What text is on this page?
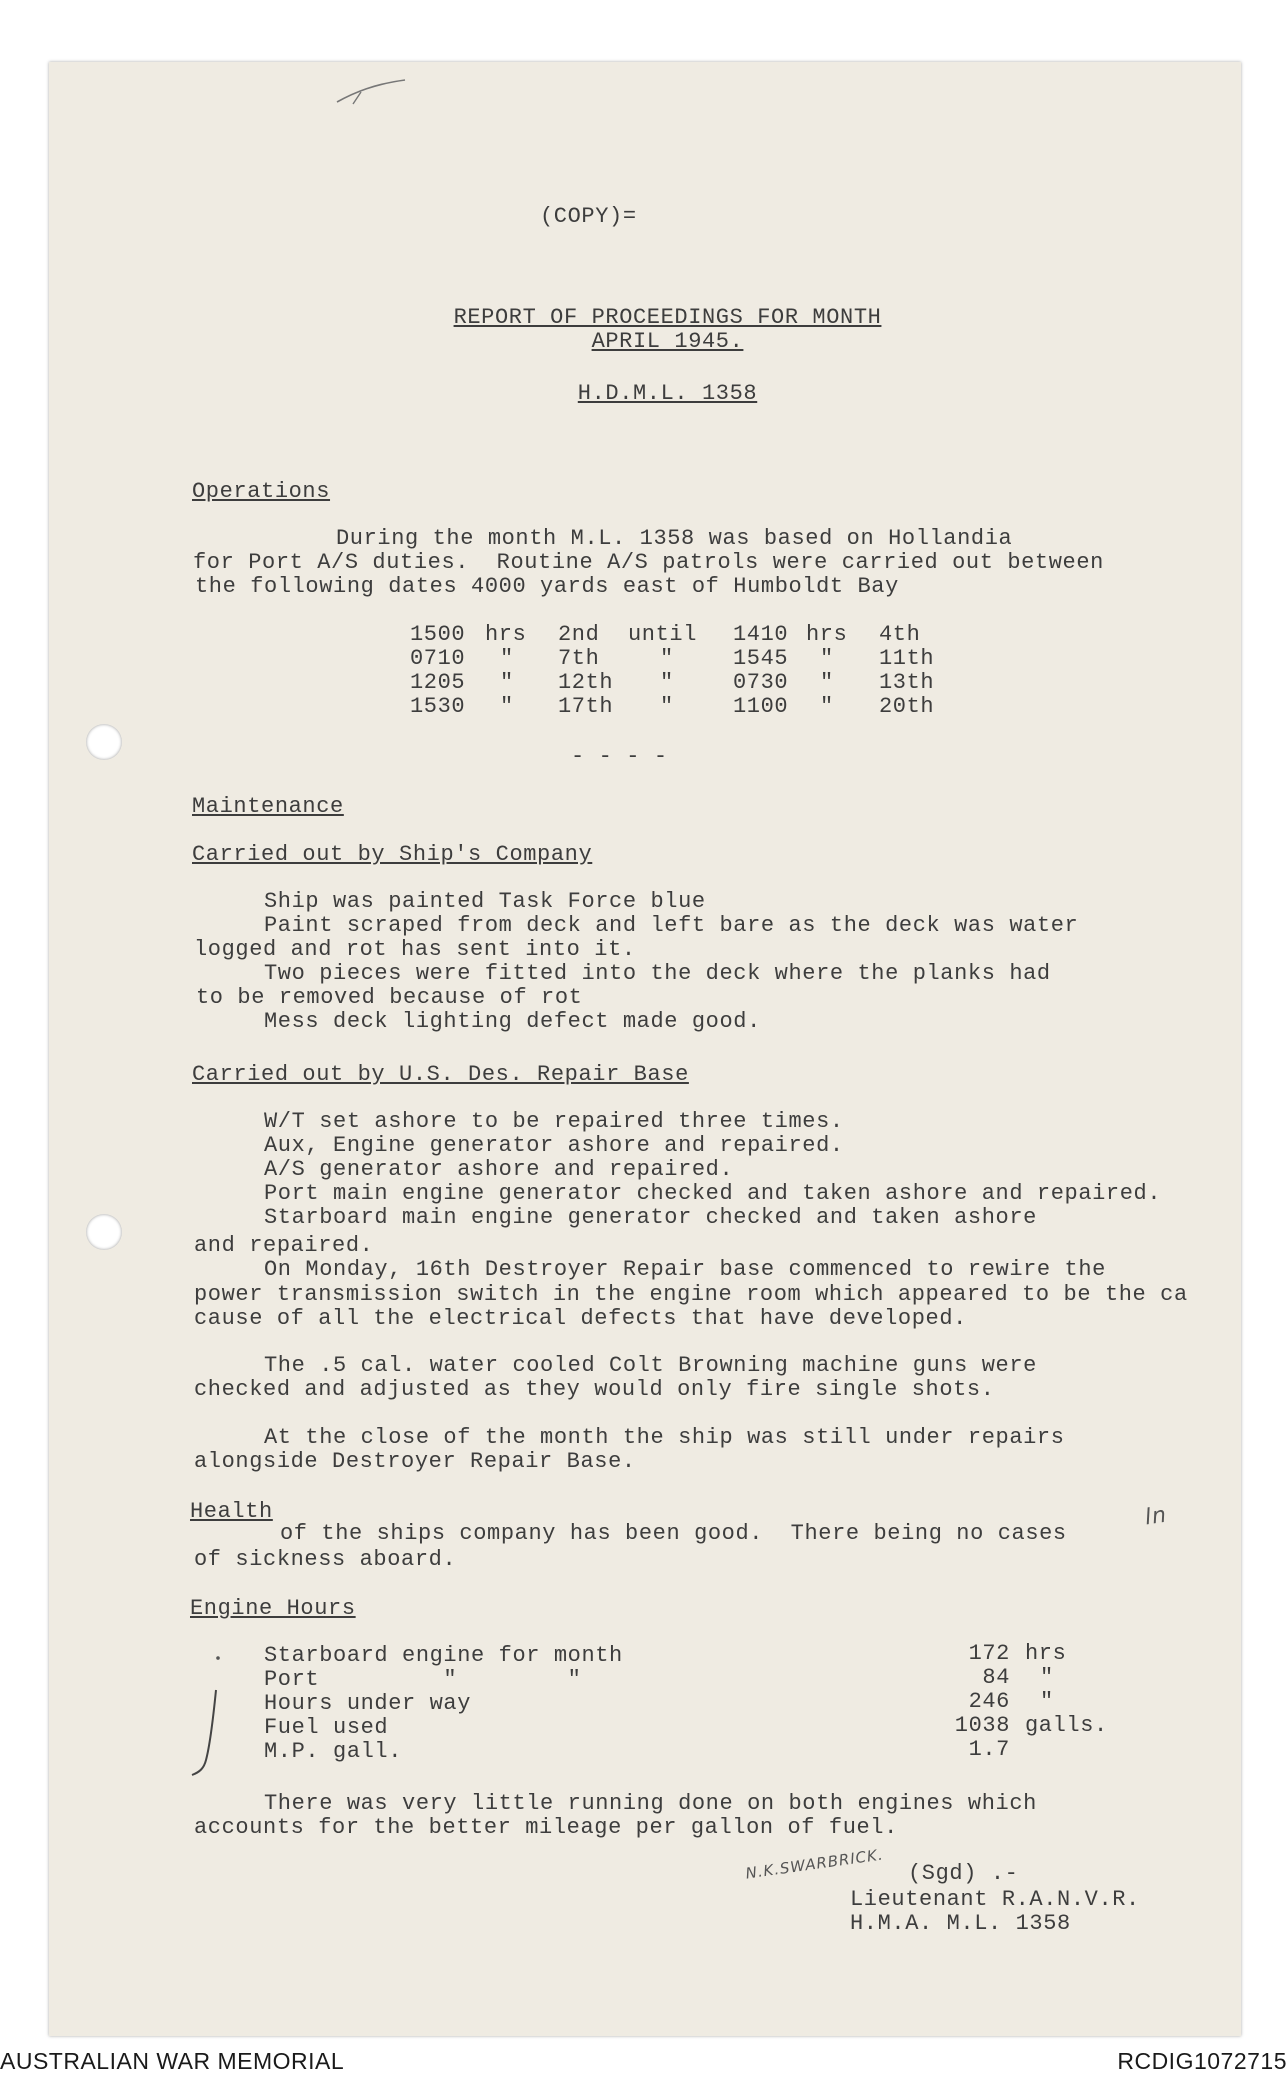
(COPY)=
REPORT OF PROCEEDINGS FOR MONTH
APRIL 1945.
H.D.M.L. 1358
Operations
During the month M.L. 1358 was based on Hollandia
for Port A/S duties.  Routine A/S patrols were carried out between
the following dates 4000 yards east of Humboldt Bay
1500 hrs 2nd until 1410 hrs 4th
0710 " 7th	"	1545 " 11th
1205 " 12th "	0730 " 13th
1530 " 17th "	1100 " 20th
- - - -
Maintenance
Carried out by Ship's Company
Ship was painted Task Force blue
Paint scraped from deck and left bare as the deck was water
logged and rot has sent into it.
Two pieces were fitted into the deck where the planks had
to be removed because of rot
Mess deck lighting defect made good.
Carried out by U.S. Des. Repair Base
W/T set ashore to be repaired three times.
Aux, Engine generator ashore and repaired.
A/S generator ashore and repaired.
Port main engine generator checked and taken ashore and repaired.
Starboard main engine generator checked and taken ashore
and repaired.
On Monday, 16th Destroyer Repair base commenced to rewire the
power transmission switch in the engine room which appeared to be the ca
cause of all the electrical defects that have developed.
The .5 cal. water cooled Colt Browning machine guns were
checked and adjusted as they would only fire single shots.
At the close of the month the ship was still under repairs
alongside Destroyer Repair Base.
Health
of the ships company has been good.  There being no cases
of sickness aboard.
ln
Engine Hours
Starboard engine for month	172 hrs
Port         "        "	84 "
Hours under way	246 "
Fuel used	1038 galls.
M.P. gall.	1.7
There was very little running done on both engines which
accounts for the better mileage per gallon of fuel.
N.K.SWARBRICK. (Sgd) .-
Lieutenant R.A.N.V.R.
H.M.A. M.L. 1358
AUSTRALIAN WAR MEMORIAL	RCDIG1072715
